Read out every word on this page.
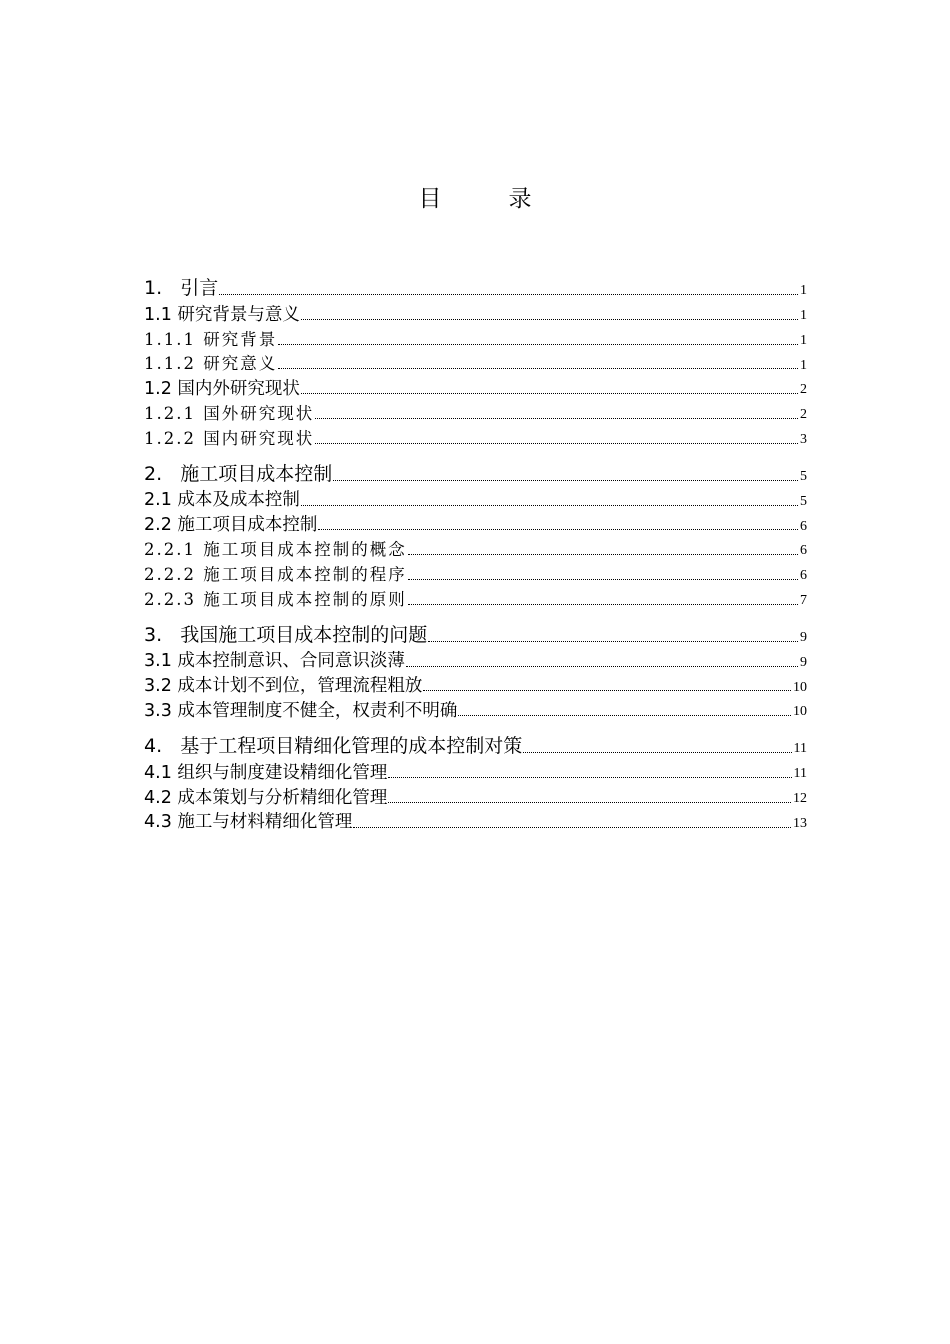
目　录
1. 引言	1
1.1 研究背景与意义	1
1.1.1 研究背景	1
1.1.2 研究意义	1
1.2 国内外研究现状	2
1.2.1 国外研究现状	2
1.2.2 国内研究现状	3
2. 施工项目成本控制	5
2.1 成本及成本控制	5
2.2 施工项目成本控制	6
2.2.1 施工项目成本控制的概念	6
2.2.2 施工项目成本控制的程序	6
2.2.3 施工项目成本控制的原则	7
3. 我国施工项目成本控制的问题	9
3.1 成本控制意识、合同意识淡薄	9
3.2 成本计划不到位，管理流程粗放	10
3.3 成本管理制度不健全，权责利不明确	10
4. 基于工程项目精细化管理的成本控制对策	11
4.1 组织与制度建设精细化管理	11
4.2 成本策划与分析精细化管理	12
4.3 施工与材料精细化管理	13
